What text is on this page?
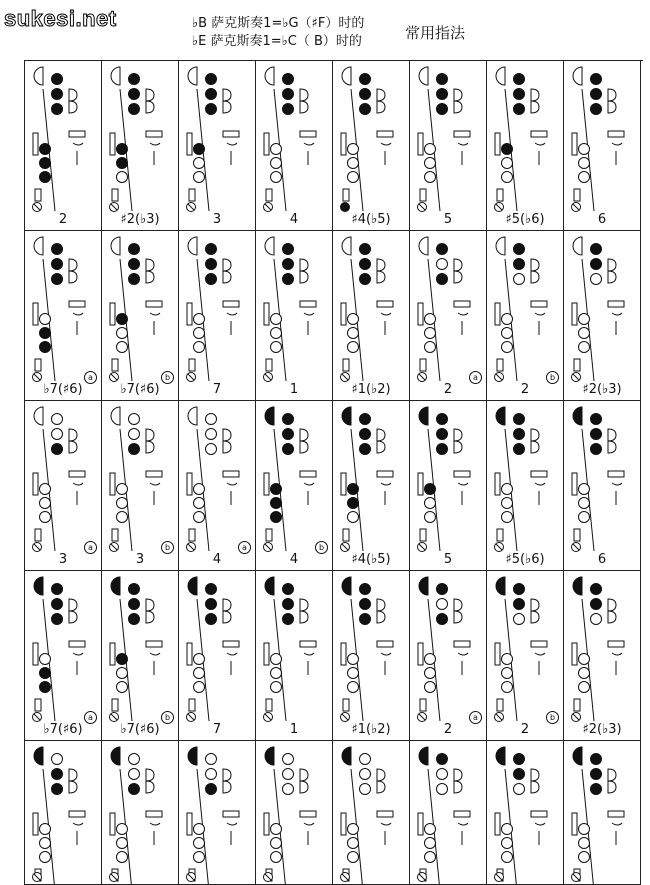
sukesi.net	♭B 萨克斯奏1=♭G（♯F）时的
♭E 萨克斯奏1=♭C（ B）时的	常用指法
2	♯2(♭3)	3	4	♯4(♭5)	5	♯5(♭6)	6
♭7(♯6)
a
♭7(♯6)
b
7	1	♯1(♭2)	2
a
2
b
♯2(♭3)
3
a
3
b
4
a
4
b
♯4(♭5)	5	♯5(♭6)	6
♭7(♯6)
a
♭7(♯6)
b
7	1	♯1(♭2)	2
a
2
b
♯2(♭3)
